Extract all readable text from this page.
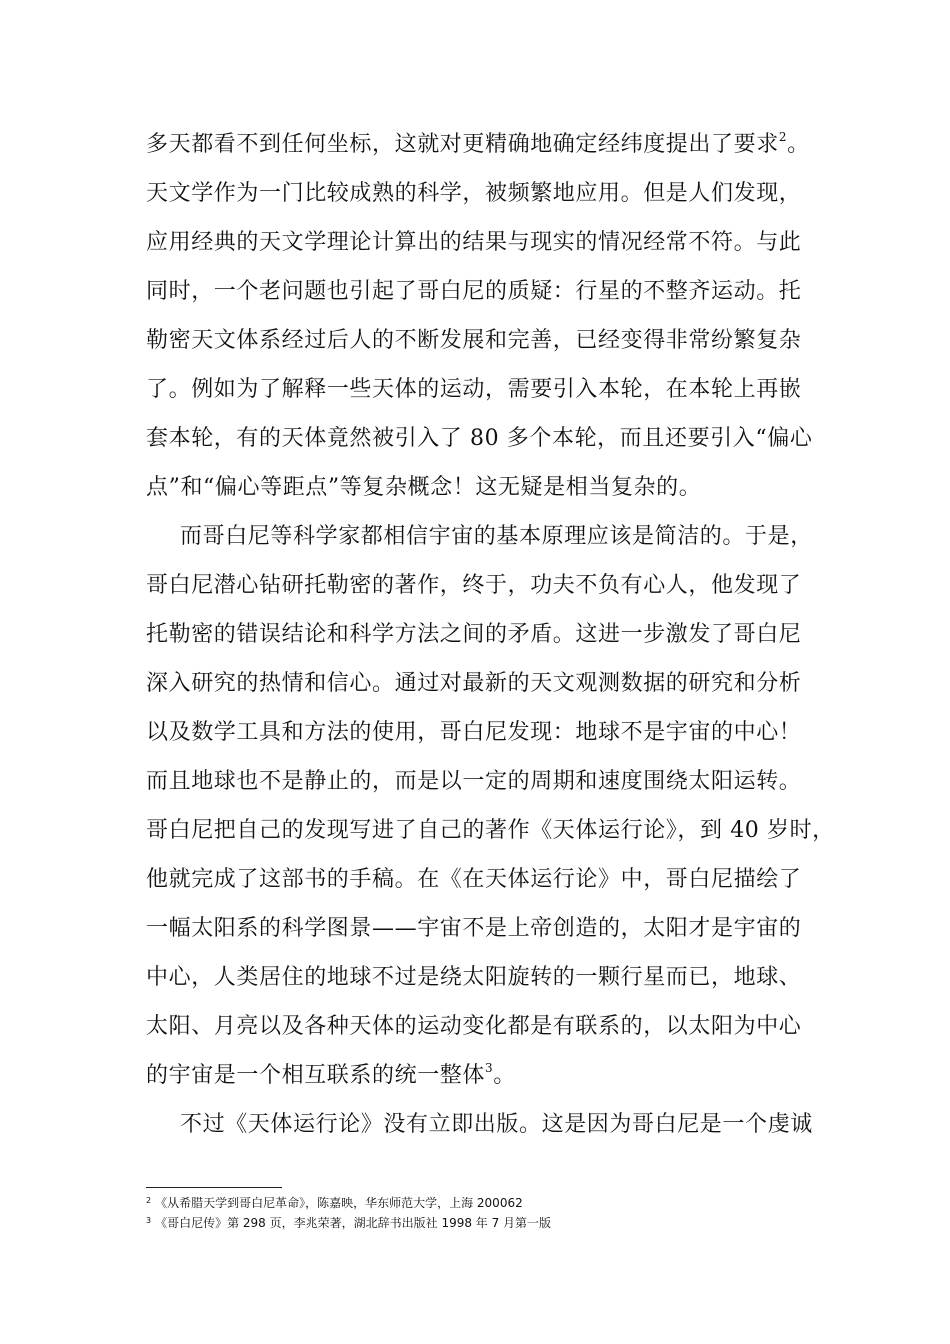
多天都看不到任何坐标，这就对更精确地确定经纬度提出了要求$^2$。
天文学作为一门比较成熟的科学，被频繁地应用。但是人们发现，
应用经典的天文学理论计算出的结果与现实的情况经常不符。与此
同时，一个老问题也引起了哥白尼的质疑：行星的不整齐运动。托
勒密天文体系经过后人的不断发展和完善，已经变得非常纷繁复杂
了。例如为了解释一些天体的运动，需要引入本轮，在本轮上再嵌
套本轮，有的天体竟然被引入了 80 多个本轮，而且还要引入“偏心
点”和“偏心等距点”等复杂概念！这无疑是相当复杂的。
而哥白尼等科学家都相信宇宙的基本原理应该是简洁的。于是，
哥白尼潜心钻研托勒密的著作，终于，功夫不负有心人，他发现了
托勒密的错误结论和科学方法之间的矛盾。这进一步激发了哥白尼
深入研究的热情和信心。通过对最新的天文观测数据的研究和分析
以及数学工具和方法的使用，哥白尼发现：地球不是宇宙的中心！
而且地球也不是静止的，而是以一定的周期和速度围绕太阳运转。
哥白尼把自己的发现写进了自己的著作《天体运行论》，到 40 岁时，
他就完成了这部书的手稿。在《在天体运行论》中，哥白尼描绘了
一幅太阳系的科学图景——宇宙不是上帝创造的，太阳才是宇宙的
中心，人类居住的地球不过是绕太阳旋转的一颗行星而已，地球、
太阳、月亮以及各种天体的运动变化都是有联系的，以太阳为中心
的宇宙是一个相互联系的统一整体$^3$。
不过《天体运行论》没有立即出版。这是因为哥白尼是一个虔诚
$^2$ 《从希腊天学到哥白尼革命》，陈嘉映，华东师范大学，上海 200062
$^3$ 《哥白尼传》第 298 页，李兆荣著，湖北辞书出版社 1998 年 7 月第一版
